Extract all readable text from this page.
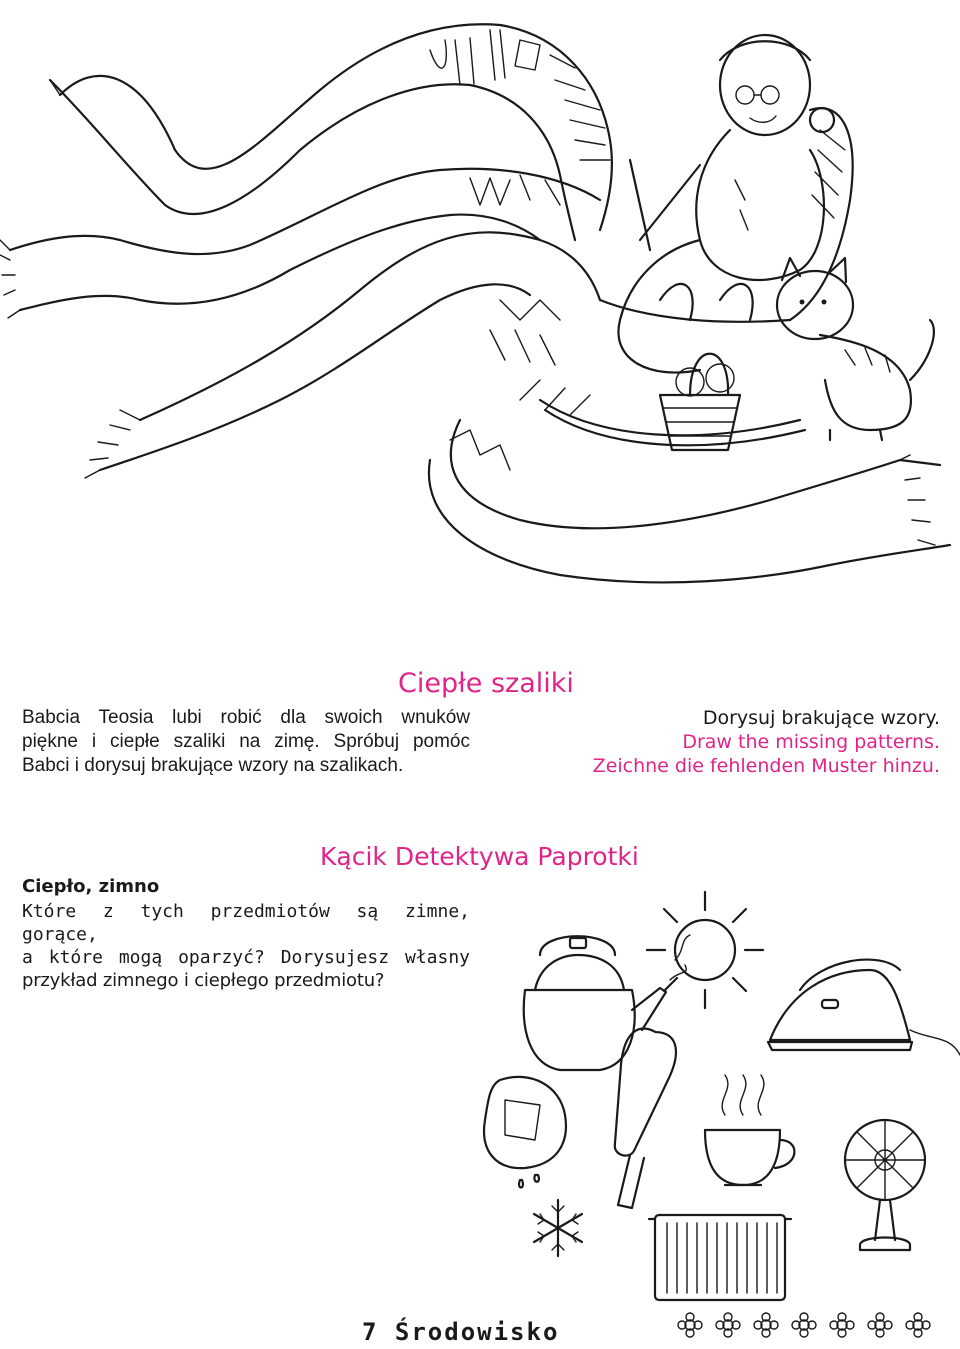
Ciepłe szaliki
Babcia Teosia lubi robić dla swoich wnuków
piękne i ciepłe szaliki na zimę. Spróbuj pomóc
Babci i dorysuj brakujące wzory na szalikach.
Dorysuj brakujące wzory.
Draw the missing patterns.
Zeichne die fehlenden Muster hinzu.
Kącik Detektywa Paprotki
Ciepło, zimno
Które z tych przedmiotów są zimne, gorące,
a które mogą oparzyć? Dorysujesz własny
przykład zimnego i ciepłego przedmiotu?
7 Środowisko
